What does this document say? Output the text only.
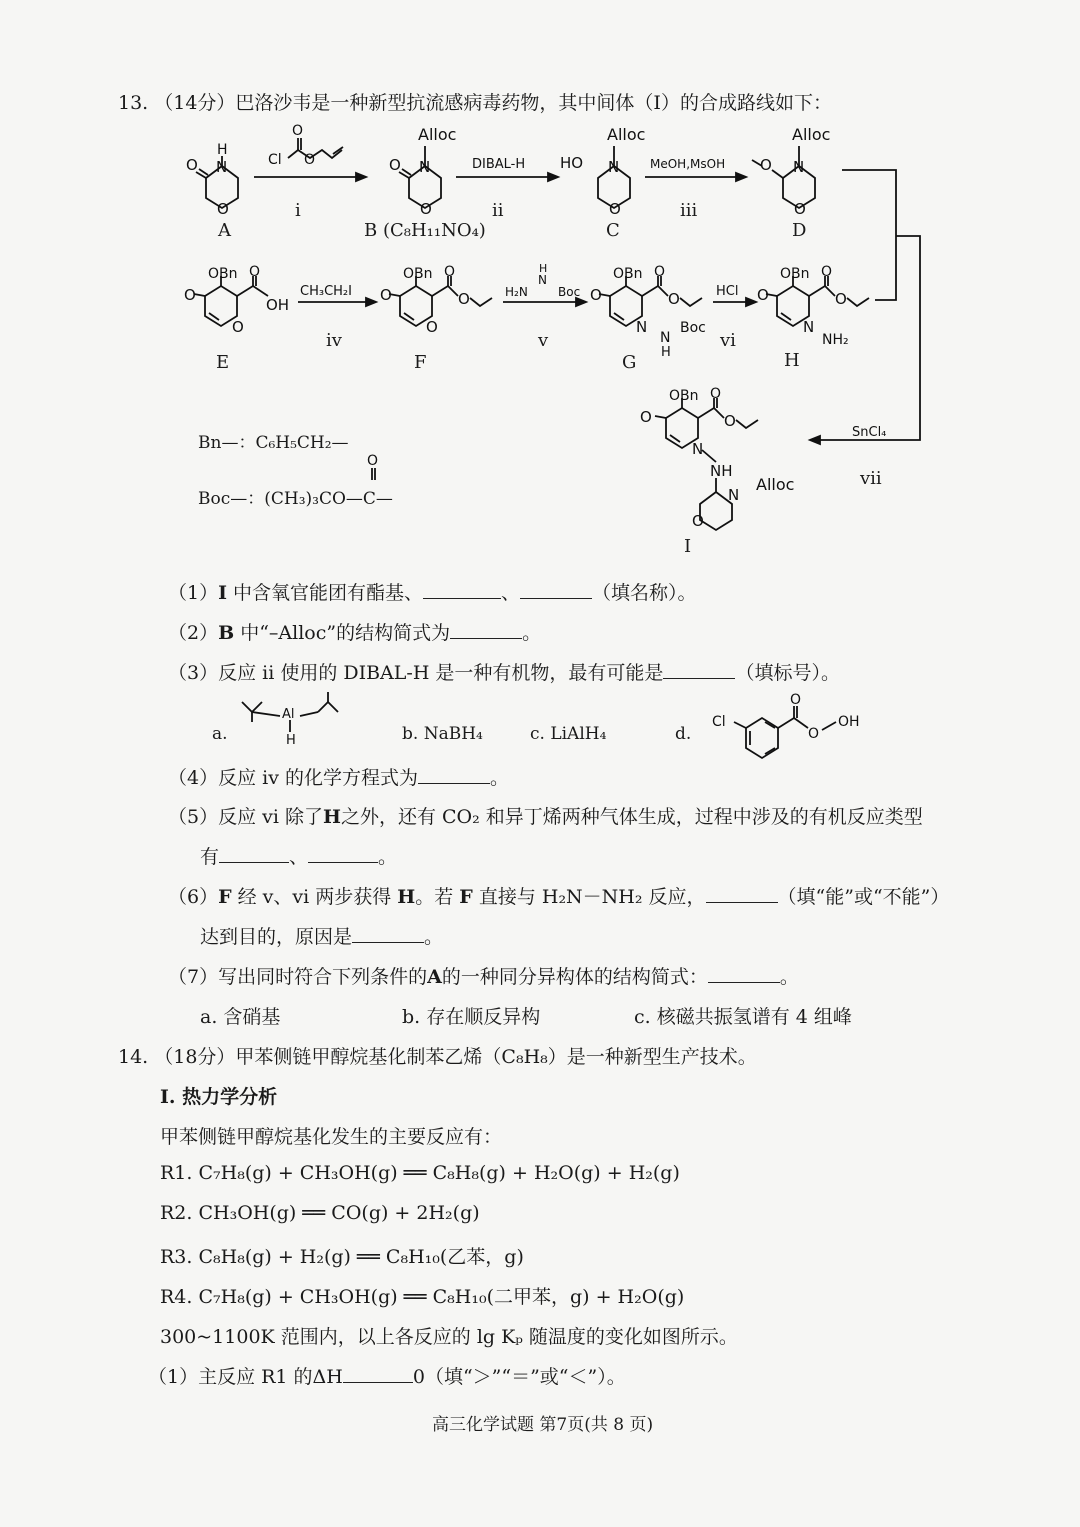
13. （14分）巴洛沙韦是一种新型抗流感病毒药物，其中间体（I）的合成路线如下：
O N
H
O
Cl
O
O	O N
Alloc
O
DIBAL-H HO N
Alloc
O
MeOH,MsOH O N
Alloc
O
SnCl₄
O
OBn O
OH
O
CH₃CH₂I O
OBn O
O
O
H₂N
N
H
Boc O
OBn O
O
N
N
H
Boc
HCl O
OBn O
O
N
NH₂
O
OBn O
O
N
NH
N
Alloc
O
O
Al
H
Cl
O
O
OH
A	B (C₈H₁₁NO₄)	C	D
E	F	G	H
I
i	ii	iii
iv	v	vi
vii
Bn—：C₆H₅CH₂—
Boc—：(CH₃)₃CO—C—
（1）I 中含氧官能团有酯基、	、	（填名称）。
（2）B 中“–Alloc”的结构简式为	。
（3）反应 ii 使用的 DIBAL-H 是一种有机物，最有可能是	（填标号）。
a.	b. NaBH₄	c. LiAlH₄	d.
（4）反应 iv 的化学方程式为	。
（5）反应 vi 除了H之外，还有 CO₂ 和异丁烯两种气体生成，过程中涉及的有机反应类型
有	、	。
（6）F 经 v、vi 两步获得 H。若 F 直接与 H₂N－NH₂ 反应，	（填“能”或“不能”）
达到目的，原因是	。
（7）写出同时符合下列条件的A的一种同分异构体的结构简式：	。
a. 含硝基	b. 存在顺反异构	c. 核磁共振氢谱有 4 组峰
14. （18分）甲苯侧链甲醇烷基化制苯乙烯（C₈H₈）是一种新型生产技术。
I. 热力学分析
甲苯侧链甲醇烷基化发生的主要反应有：
R1. C₇H₈(g) + CH₃OH(g) ══ C₈H₈(g) + H₂O(g) + H₂(g)
R2. CH₃OH(g) ══ CO(g) + 2H₂(g)
R3. C₈H₈(g) + H₂(g) ══ C₈H₁₀(乙苯，g)
R4. C₇H₈(g) + CH₃OH(g) ══ C₈H₁₀(二甲苯，g) + H₂O(g)
300~1100K 范围内，以上各反应的 lg Kₚ 随温度的变化如图所示。
（1）主反应 R1 的ΔH	0（填“＞”“＝”或“＜”）。
高三化学试题 第7页(共 8 页)
